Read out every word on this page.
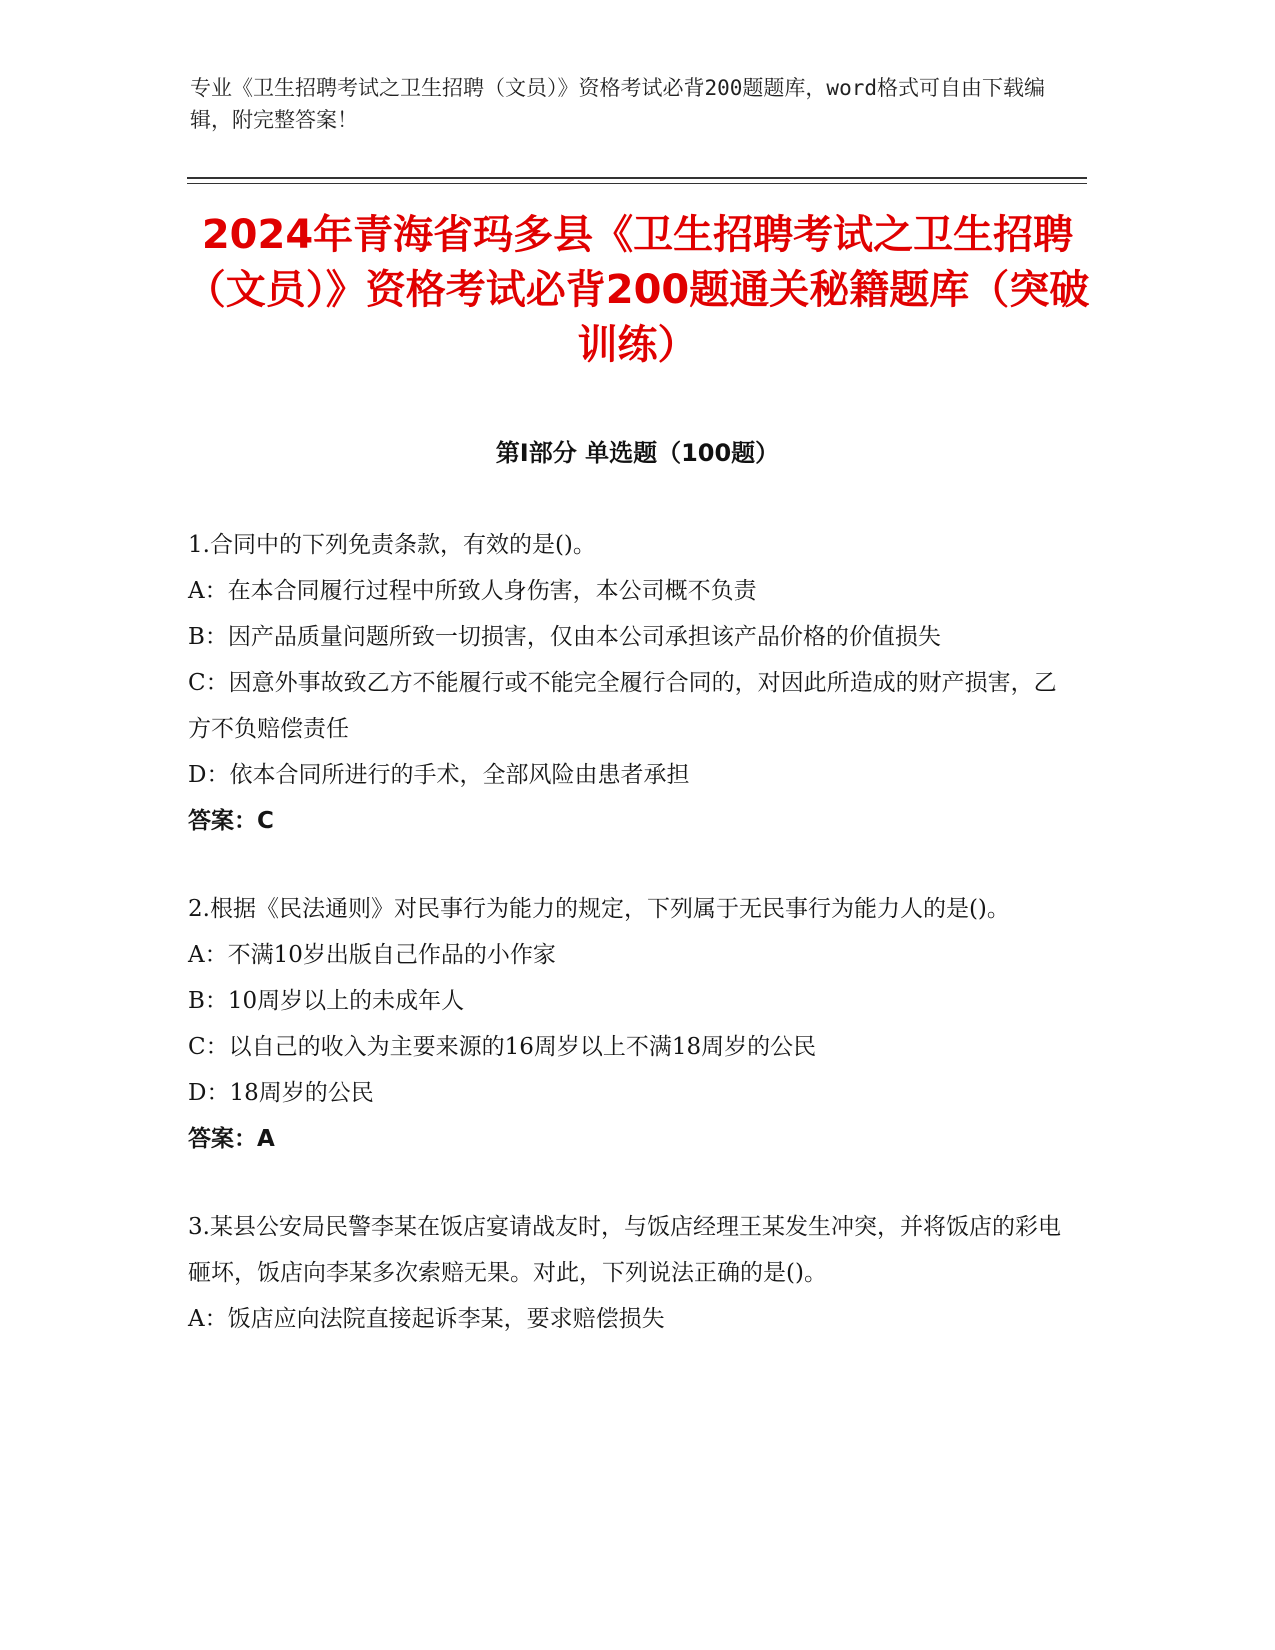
专业《卫生招聘考试之卫生招聘（文员）》资格考试必背200题题库，word格式可自由下载编辑，附完整答案！
2024年青海省玛多县《卫生招聘考试之卫生招聘（文员）》资格考试必背200题通关秘籍题库（突破训练）
第I部分 单选题（100题）

1.合同中的下列免责条款，有效的是()。

A：在本合同履行过程中所致人身伤害，本公司概不负责

B：因产品质量问题所致一切损害，仅由本公司承担该产品价格的价值损失

C：因意外事故致乙方不能履行或不能完全履行合同的，对因此所造成的财产损害，乙方不负赔偿责任

D：依本合同所进行的手术，全部风险由患者承担

答案：C

2.根据《民法通则》对民事行为能力的规定，下列属于无民事行为能力人的是()。

A：不满10岁出版自己作品的小作家

B：10周岁以上的未成年人

C：以自己的收入为主要来源的16周岁以上不满18周岁的公民

D：18周岁的公民

答案：A

3.某县公安局民警李某在饭店宴请战友时，与饭店经理王某发生冲突，并将饭店的彩电砸坏，饭店向李某多次索赔无果。对此，下列说法正确的是()。

A：饭店应向法院直接起诉李某，要求赔偿损失
